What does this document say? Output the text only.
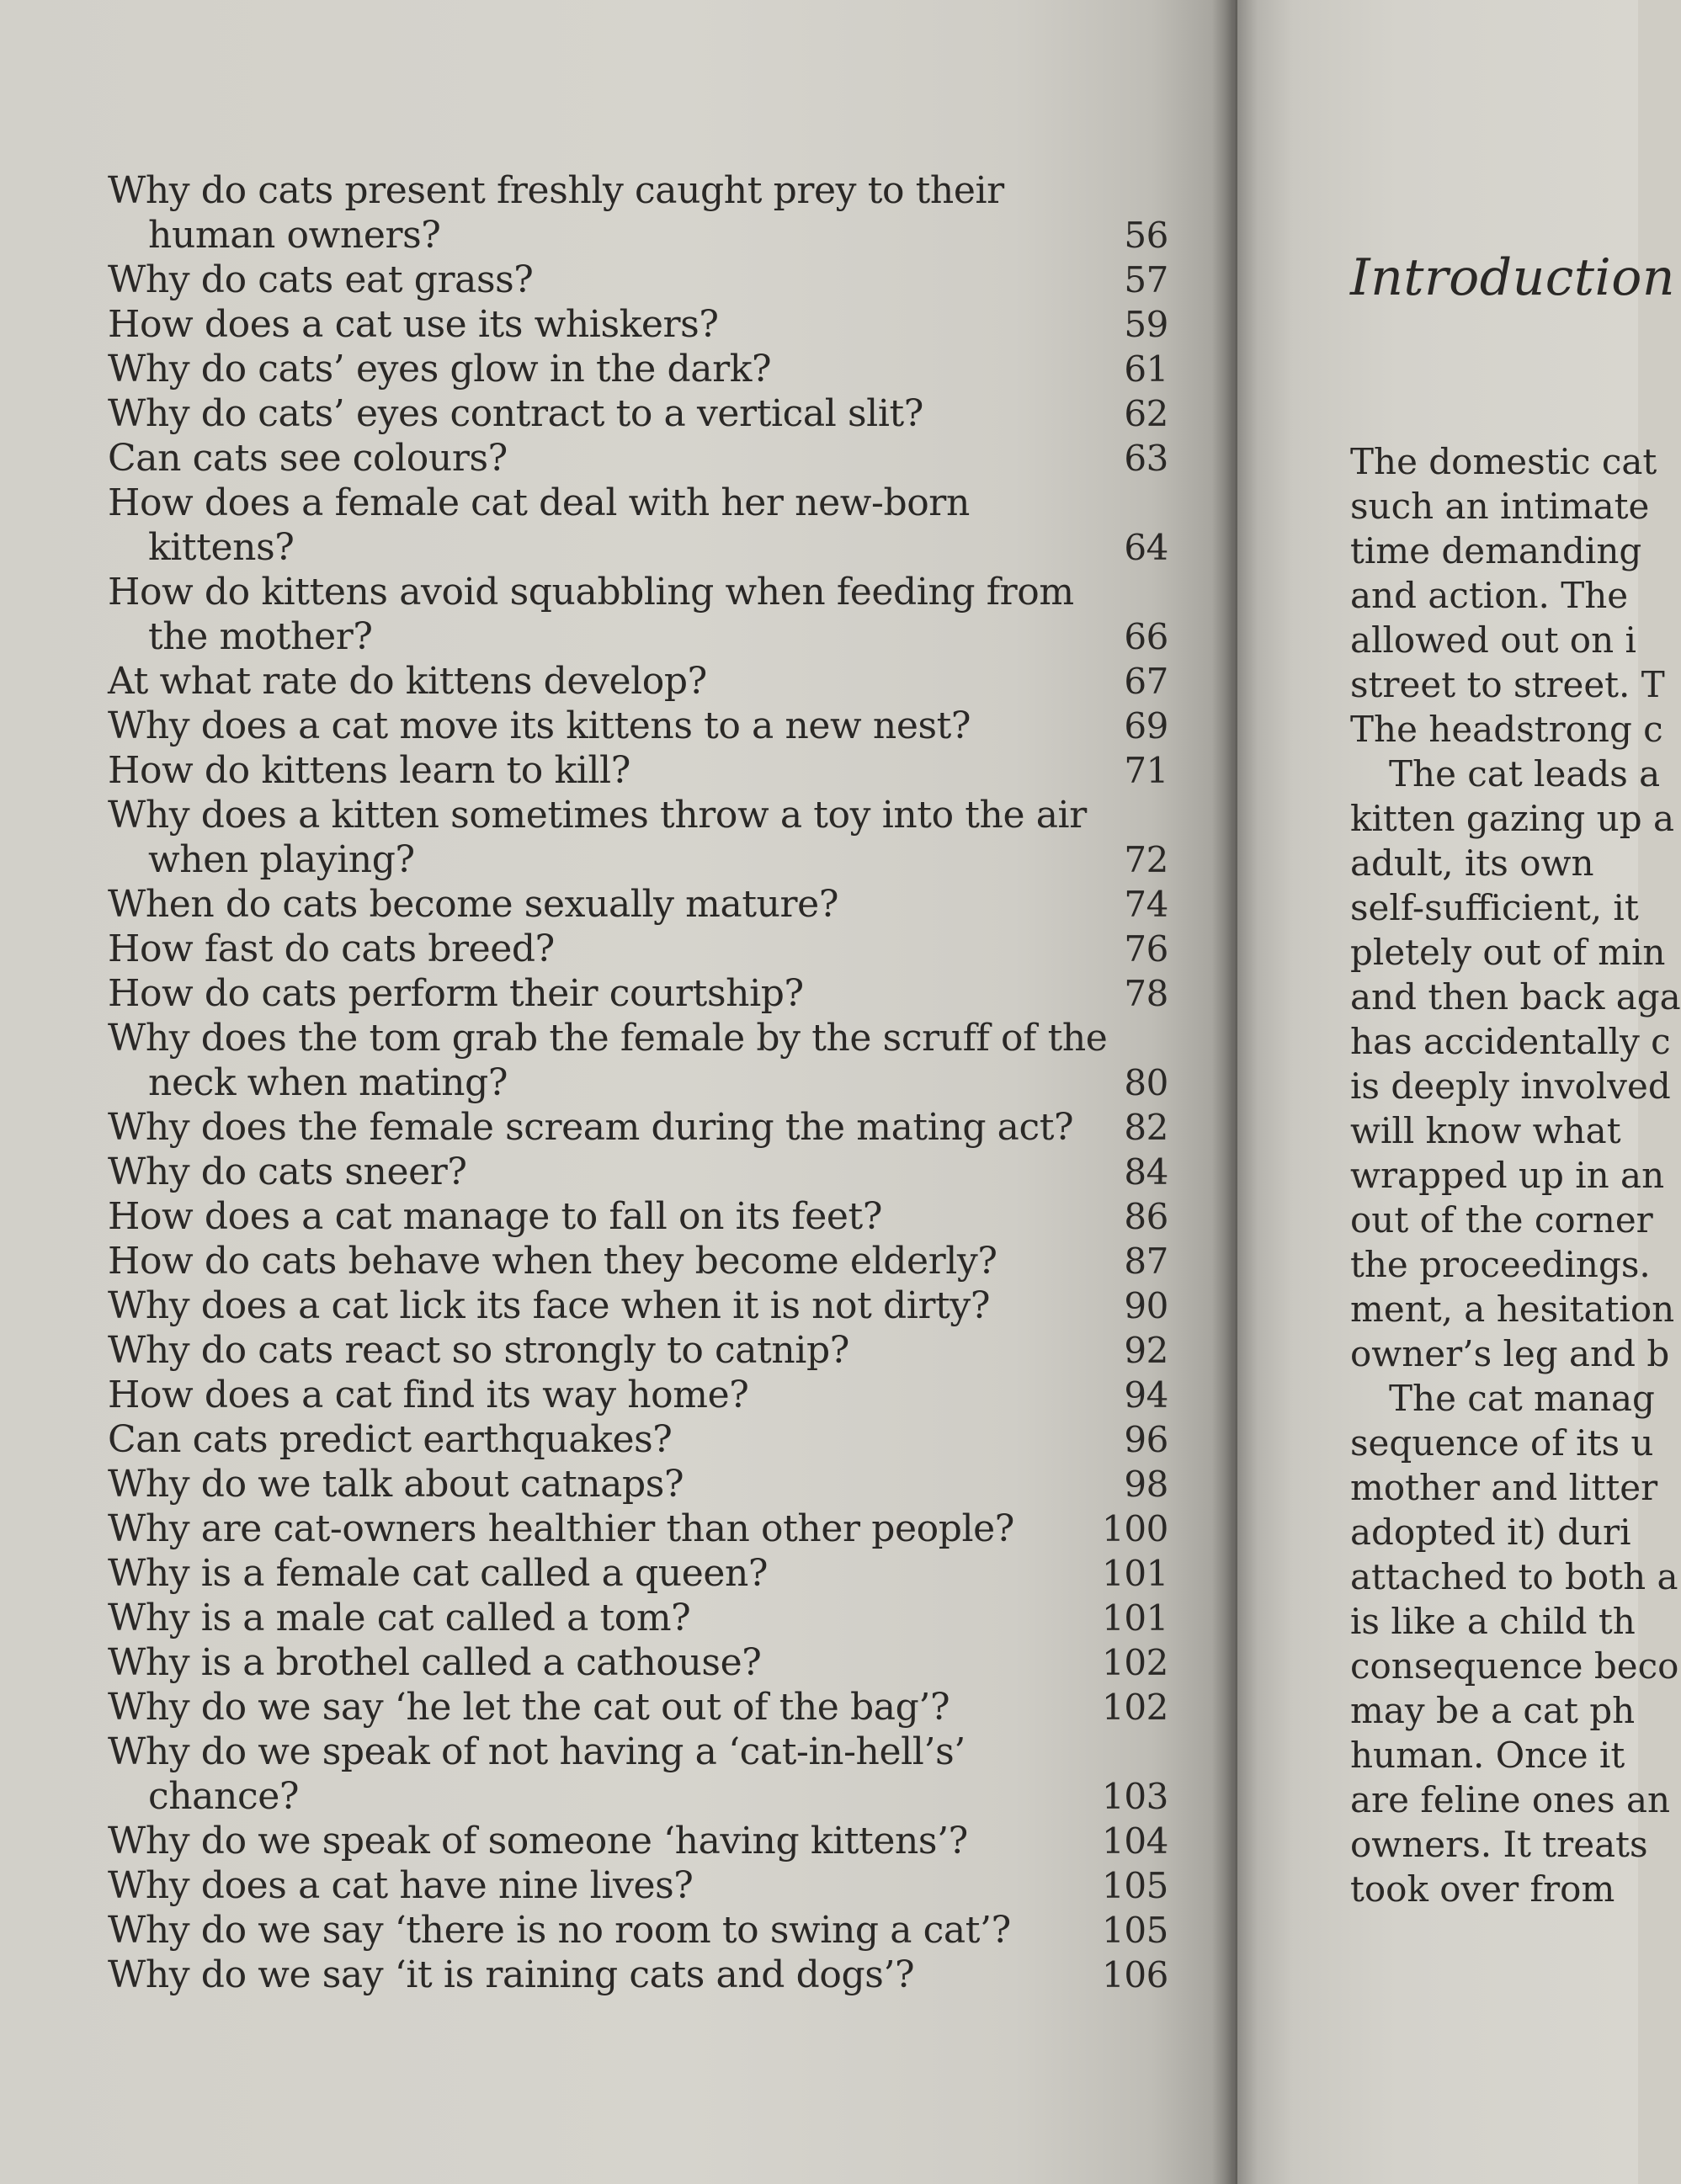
Why do cats present freshly caught prey to their human owners?	56
Why do cats eat grass?	57
How does a cat use its whiskers?	59
Why do cats’ eyes glow in the dark?	61
Why do cats’ eyes contract to a vertical slit?	62
Can cats see colours?	63
How does a female cat deal with her new-born kittens?	64
How do kittens avoid squabbling when feeding from the mother?	66
At what rate do kittens develop?	67
Why does a cat move its kittens to a new nest?	69
How do kittens learn to kill?	71
Why does a kitten sometimes throw a toy into the air when playing?	72
When do cats become sexually mature?	74
How fast do cats breed?	76
How do cats perform their courtship?	78
Why does the tom grab the female by the scruff of the neck when mating?	80
Why does the female scream during the mating act?	82
Why do cats sneer?	84
How does a cat manage to fall on its feet?	86
How do cats behave when they become elderly?	87
Why does a cat lick its face when it is not dirty?	90
Why do cats react so strongly to catnip?	92
How does a cat find its way home?	94
Can cats predict earthquakes?	96
Why do we talk about catnaps?	98
Why are cat-owners healthier than other people?	100
Why is a female cat called a queen?	101
Why is a male cat called a tom?	101
Why is a brothel called a cathouse?	102
Why do we say ‘he let the cat out of the bag’?	102
Why do we speak of not having a ‘cat-in-hell’s’ chance?	103
Why do we speak of someone ‘having kittens’?	104
Why does a cat have nine lives?	105
Why do we say ‘there is no room to swing a cat’?	105
Why do we say ‘it is raining cats and dogs’?	106
Introduction
The domestic cat
such an intimate
time demanding
and action. The
allowed out on i
street to street. T
The headstrong c
The cat leads a
kitten gazing up a
adult, its own
self-sufficient, it
pletely out of min
and then back aga
has accidentally c
is deeply involved
will know what
wrapped up in an
out of the corner
the proceedings.
ment, a hesitation
owner’s leg and b
The cat manag
sequence of its u
mother and litter
adopted it) duri
attached to both a
is like a child th
consequence beco
may be a cat ph
human. Once it
are feline ones an
owners. It treats
took over from
